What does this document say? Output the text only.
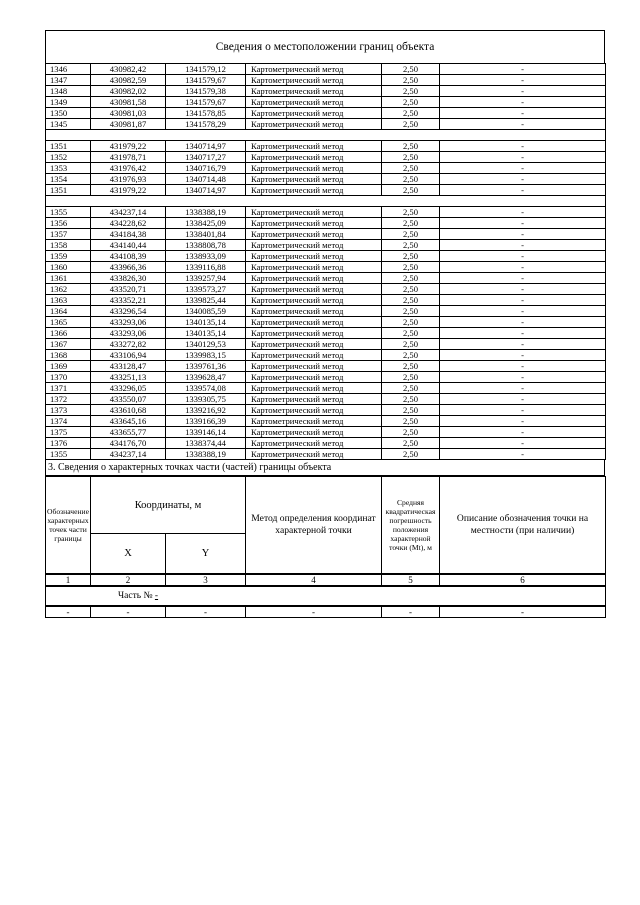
Сведения о местоположении границ объекта
1346	430982,42	1341579,12	Картометрический метод	2,50	-
1347	430982,59	1341579,67	Картометрический метод	2,50	-
1348	430982,02	1341579,38	Картометрический метод	2,50	-
1349	430981,58	1341579,67	Картометрический метод	2,50	-
1350	430981,03	1341578,85	Картометрический метод	2,50	-
1345	430981,87	1341578,29	Картометрический метод	2,50	-

1351	431979,22	1340714,97	Картометрический метод	2,50	-
1352	431978,71	1340717,27	Картометрический метод	2,50	-
1353	431976,42	1340716,79	Картометрический метод	2,50	-
1354	431976,93	1340714,48	Картометрический метод	2,50	-
1351	431979,22	1340714,97	Картометрический метод	2,50	-

1355	434237,14	1338388,19	Картометрический метод	2,50	-
1356	434228,62	1338425,09	Картометрический метод	2,50	-
1357	434184,38	1338401,84	Картометрический метод	2,50	-
1358	434140,44	1338808,78	Картометрический метод	2,50	-
1359	434108,39	1338933,09	Картометрический метод	2,50	-
1360	433966,36	1339116,88	Картометрический метод	2,50	-
1361	433826,30	1339257,94	Картометрический метод	2,50	-
1362	433520,71	1339573,27	Картометрический метод	2,50	-
1363	433352,21	1339825,44	Картометрический метод	2,50	-
1364	433296,54	1340085,59	Картометрический метод	2,50	-
1365	433293,06	1340135,14	Картометрический метод	2,50	-
1366	433293,06	1340135,14	Картометрический метод	2,50	-
1367	433272,82	1340129,53	Картометрический метод	2,50	-
1368	433106,94	1339983,15	Картометрический метод	2,50	-
1369	433128,47	1339761,36	Картометрический метод	2,50	-
1370	433251,13	1339628,47	Картометрический метод	2,50	-
1371	433296,05	1339574,08	Картометрический метод	2,50	-
1372	433550,07	1339305,75	Картометрический метод	2,50	-
1373	433610,68	1339216,92	Картометрический метод	2,50	-
1374	433645,16	1339166,39	Картометрический метод	2,50	-
1375	433655,77	1339146,14	Картометрический метод	2,50	-
1376	434176,70	1338374,44	Картометрический метод	2,50	-
1355	434237,14	1338388,19	Картометрический метод	2,50	-
3. Сведения о характерных точках части (частей) границы объекта
Обозначение характерных точек части границы	Координаты, м		Метод определения координат характерной точки	Средняя квадратическая погрешность положения характерной точки (Mt), м	Описание обозначения точки на местности (при наличии)
	X	Y			
1	2	3	4	5	6
Часть № -
-	-	-	-	-	-
